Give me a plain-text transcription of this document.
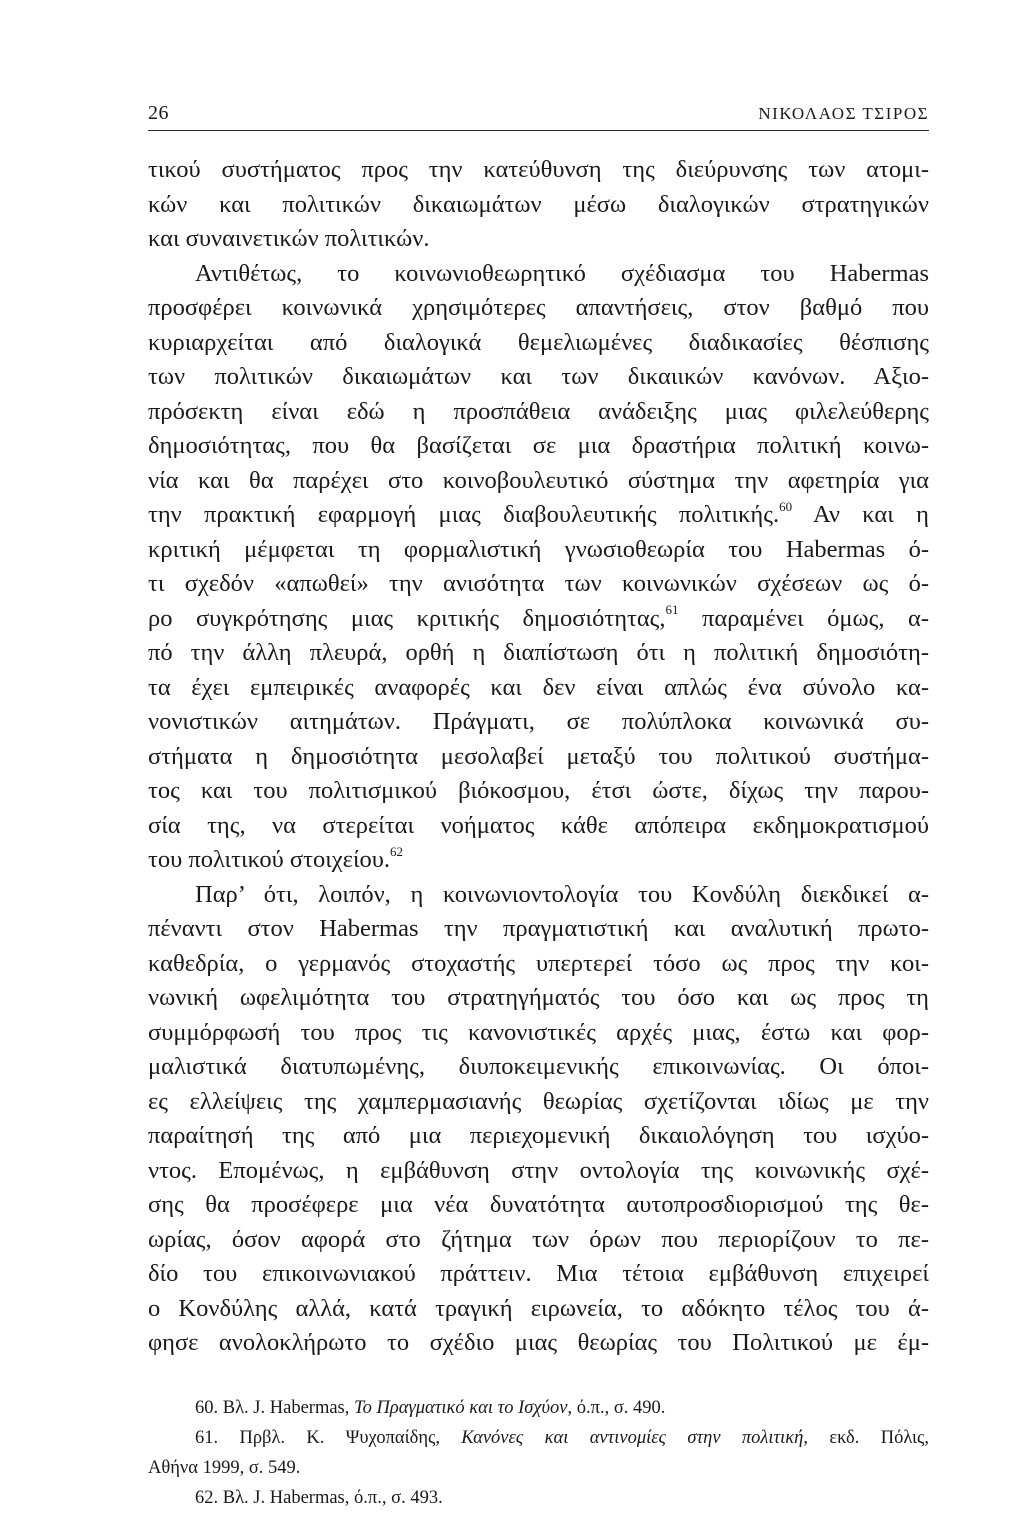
26	ΝΙΚΟΛΑΟΣ ΤΣΙΡΟΣ
τικού συστήματος προς την κατεύθυνση της διεύρυνσης των ατομι-
κών και πολιτικών δικαιωμάτων μέσω διαλογικών στρατηγικών
και συναινετικών πολιτικών.
Αντιθέτως, το κοινωνιοθεωρητικό σχέδιασμα του Habermas
προσφέρει κοινωνικά χρησιμότερες απαντήσεις, στον βαθμό που
κυριαρχείται από διαλογικά θεμελιωμένες διαδικασίες θέσπισης
των πολιτικών δικαιωμάτων και των δικαιικών κανόνων. Αξιο-
πρόσεκτη είναι εδώ η προσπάθεια ανάδειξης μιας φιλελεύθερης
δημοσιότητας, που θα βασίζεται σε μια δραστήρια πολιτική κοινω-
νία και θα παρέχει στο κοινοβουλευτικό σύστημα την αφετηρία για
την πρακτική εφαρμογή μιας διαβουλευτικής πολιτικής.$^{60}$ Αν και η
κριτική μέμφεται τη φορμαλιστική γνωσιοθεωρία του Habermas ό-
τι σχεδόν «απωθεί» την ανισότητα των κοινωνικών σχέσεων ως ό-
ρο συγκρότησης μιας κριτικής δημοσιότητας,$^{61}$ παραμένει όμως, α-
πό την άλλη πλευρά, ορθή η διαπίστωση ότι η πολιτική δημοσιότη-
τα έχει εμπειρικές αναφορές και δεν είναι απλώς ένα σύνολο κα-
νονιστικών αιτημάτων. Πράγματι, σε πολύπλοκα κοινωνικά συ-
στήματα η δημοσιότητα μεσολαβεί μεταξύ του πολιτικού συστήμα-
τος και του πολιτισμικού βιόκοσμου, έτσι ώστε, δίχως την παρου-
σία της, να στερείται νοήματος κάθε απόπειρα εκδημοκρατισμού
του πολιτικού στοιχείου.$^{62}$
Παρ’ ότι, λοιπόν, η κοινωνιοντολογία του Κονδύλη διεκδικεί α-
πέναντι στον Habermas την πραγματιστική και αναλυτική πρωτο-
καθεδρία, ο γερμανός στοχαστής υπερτερεί τόσο ως προς την κοι-
νωνική ωφελιμότητα του στρατηγήματός του όσο και ως προς τη
συμμόρφωσή του προς τις κανονιστικές αρχές μιας, έστω και φορ-
μαλιστικά διατυπωμένης, διυποκειμενικής επικοινωνίας. Οι όποι-
ες ελλείψεις της χαμπερμασιανής θεωρίας σχετίζονται ιδίως με την
παραίτησή της από μια περιεχομενική δικαιολόγηση του ισχύο-
ντος. Επομένως, η εμβάθυνση στην οντολογία της κοινωνικής σχέ-
σης θα προσέφερε μια νέα δυνατότητα αυτοπροσδιορισμού της θε-
ωρίας, όσον αφορά στο ζήτημα των όρων που περιορίζουν το πε-
δίο του επικοινωνιακού πράττειν. Μια τέτοια εμβάθυνση επιχειρεί
ο Κονδύλης αλλά, κατά τραγική ειρωνεία, το αδόκητο τέλος του ά-
φησε ανολοκλήρωτο το σχέδιο μιας θεωρίας του Πολιτικού με έμ-
60. Βλ. J. Habermas, Το Πραγματικό και το Ισχύον, ό.π., σ. 490.
61. Πρβλ. Κ. Ψυχοπαίδης, Κανόνες και αντινομίες στην πολιτική, εκδ. Πόλις,
Αθήνα 1999, σ. 549.
62. Βλ. J. Habermas, ό.π., σ. 493.
